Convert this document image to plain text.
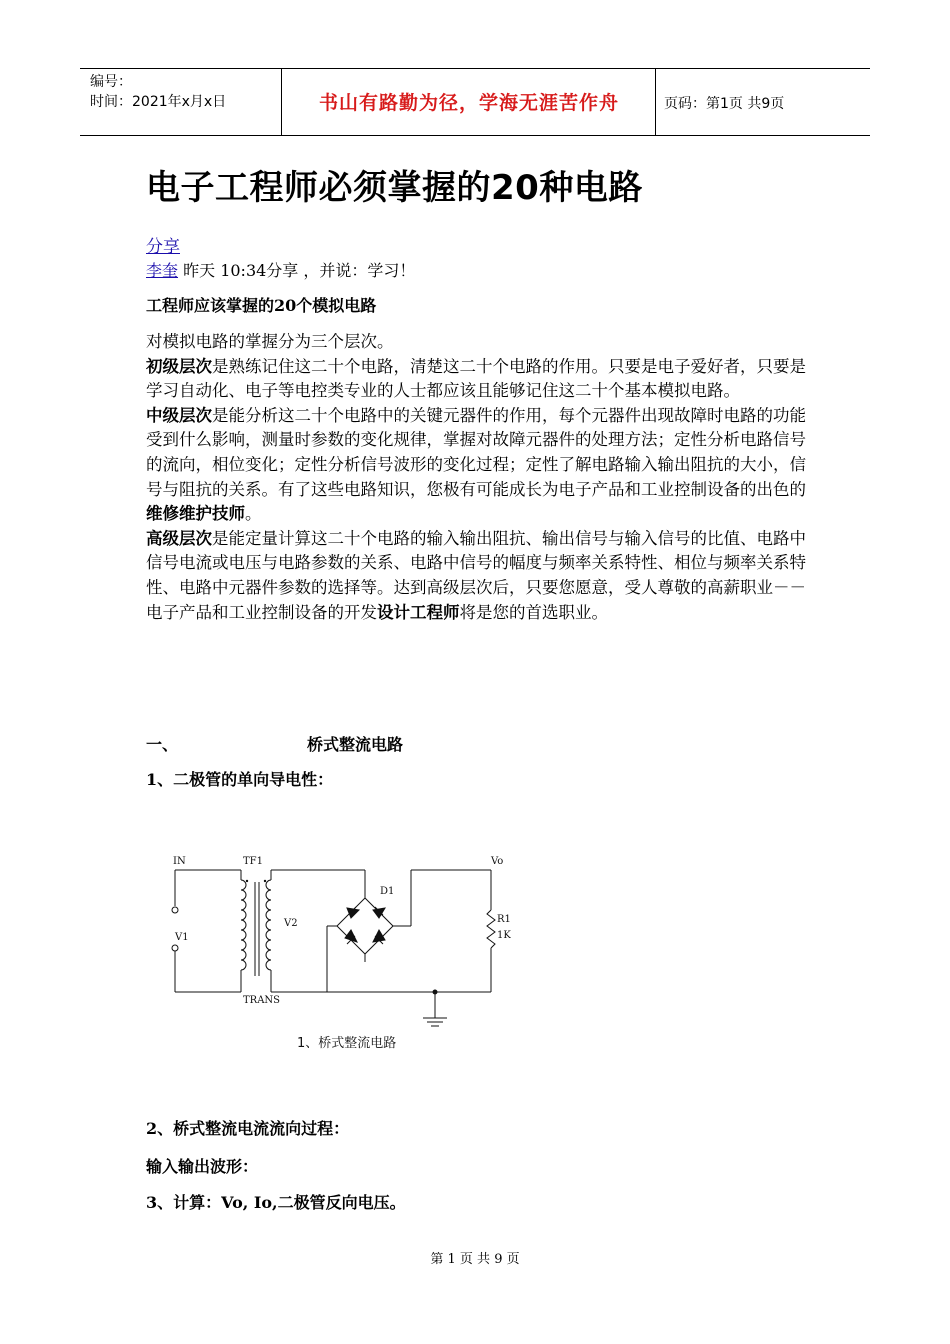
编号：
时间：2021年x月x日	书山有路勤为径，学海无涯苦作舟	页码：第1页 共9页
电子工程师必须掌握的20种电路
分享
李奎 昨天 10:34分享 ，并说：学习！
工程师应该掌握的20个模拟电路

对模拟电路的掌握分为三个层次。

初级层次是熟练记住这二十个电路，清楚这二十个电路的作用。只要是电子爱好者，只要是学习自动化、电子等电控类专业的人士都应该且能够记住这二十个基本模拟电路。

中级层次是能分析这二十个电路中的关键元器件的作用，每个元器件出现故障时电路的功能受到什么影响，测量时参数的变化规律，掌握对故障元器件的处理方法；定性分析电路信号的流向，相位变化；定性分析信号波形的变化过程；定性了解电路输入输出阻抗的大小，信号与阻抗的关系。有了这些电路知识，您极有可能成长为电子产品和工业控制设备的出色的维修维护技师。

高级层次是能定量计算这二十个电路的输入输出阻抗、输出信号与输入信号的比值、电路中信号电流或电压与电路参数的关系、电路中信号的幅度与频率关系特性、相位与频率关系特性、电路中元器件参数的选择等。达到高级层次后，只要您愿意，受人尊敬的高薪职业－－电子产品和工业控制设备的开发设计工程师将是您的首选职业。

一、	桥式整流电路
1、二极管的单向导电性：
IN	TF1	Vo
D1
V2
V1
R1
1K
TRANS
1、桥式整流电路
2、桥式整流电流流向过程：
输入输出波形：
3、计算：Vo, Io,二极管反向电压。
第 1 页 共 9 页
